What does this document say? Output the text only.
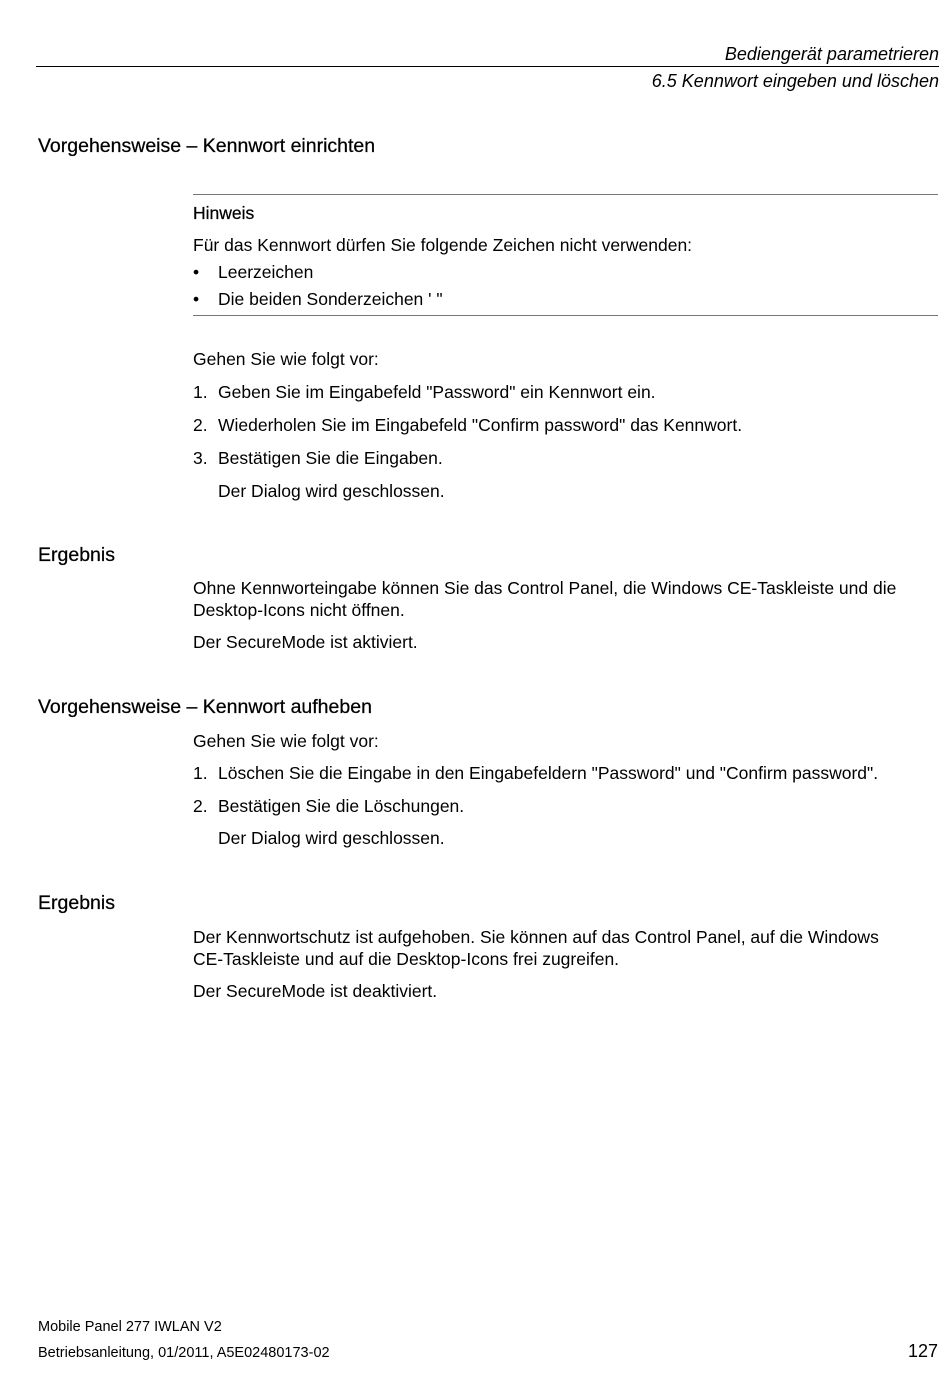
Bediengerät parametrieren
6.5 Kennwort eingeben und löschen
Vorgehensweise – Kennwort einrichten
Hinweis
Für das Kennwort dürfen Sie folgende Zeichen nicht verwenden:
• Leerzeichen
• Die beiden Sonderzeichen ' "
Gehen Sie wie folgt vor:
1. Geben Sie im Eingabefeld "Password" ein Kennwort ein.
2. Wiederholen Sie im Eingabefeld "Confirm password" das Kennwort.
3. Bestätigen Sie die Eingaben.
Der Dialog wird geschlossen.
Ergebnis
Ohne Kennworteingabe können Sie das Control Panel, die Windows CE-Taskleiste und die
Desktop-Icons nicht öffnen.
Der SecureMode ist aktiviert.
Vorgehensweise – Kennwort aufheben
Gehen Sie wie folgt vor:
1. Löschen Sie die Eingabe in den Eingabefeldern "Password" und "Confirm password".
2. Bestätigen Sie die Löschungen.
Der Dialog wird geschlossen.
Ergebnis
Der Kennwortschutz ist aufgehoben. Sie können auf das Control Panel, auf die Windows
CE-Taskleiste und auf die Desktop-Icons frei zugreifen.
Der SecureMode ist deaktiviert.
Mobile Panel 277 IWLAN V2
Betriebsanleitung, 01/2011, A5E02480173-02	127
